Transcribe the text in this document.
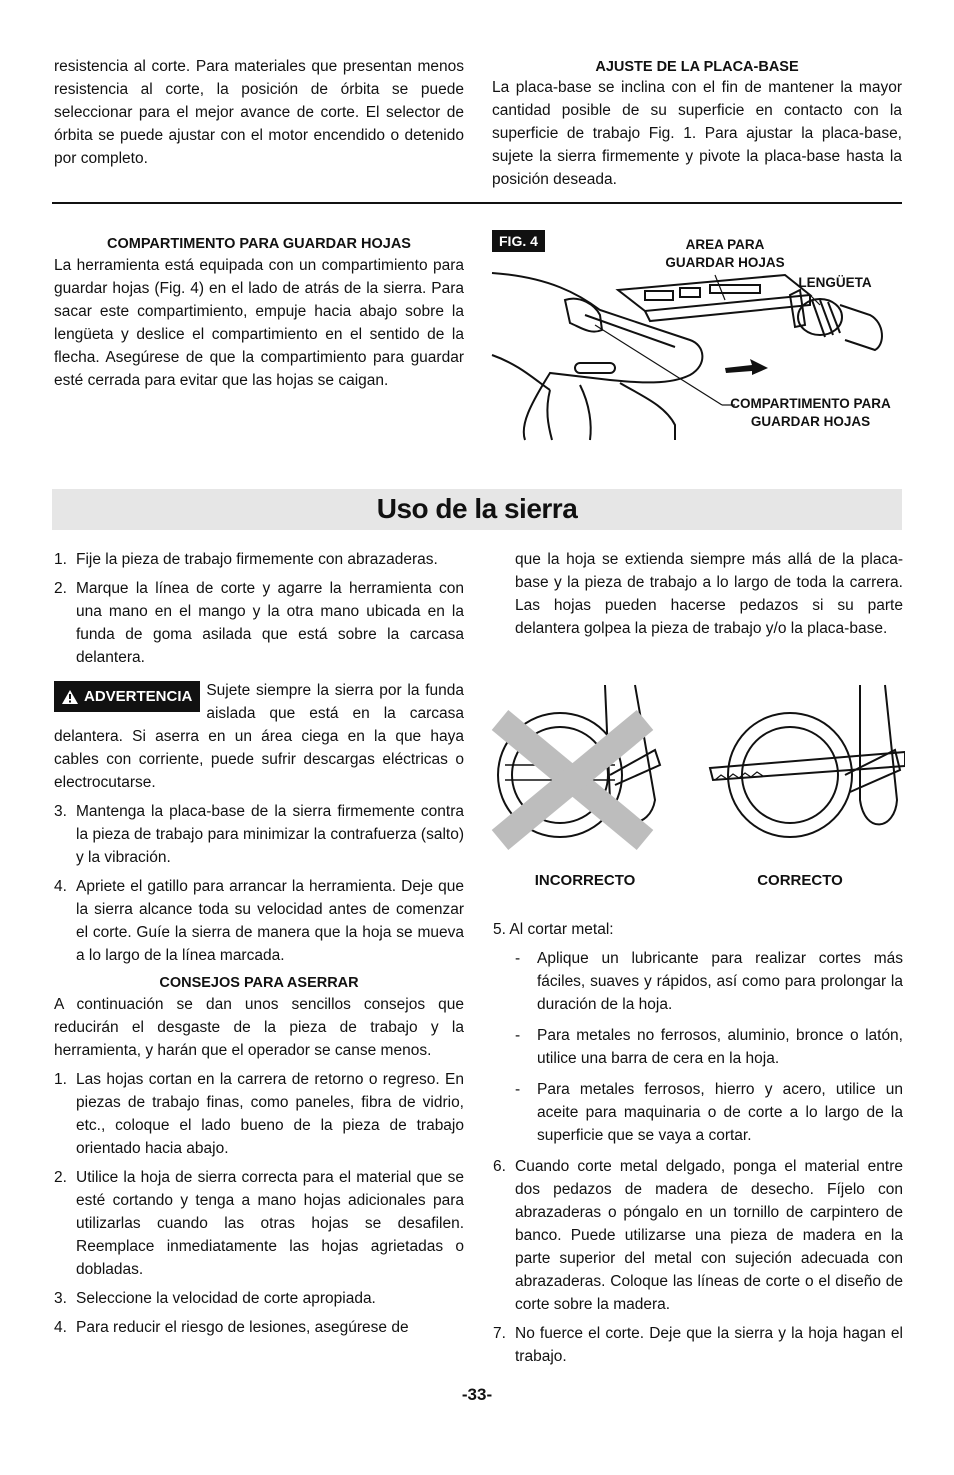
resistencia al corte. Para materiales que presentan menos resistencia al corte, la posición de órbita se puede seleccionar para el mejor avance de corte. El selector de órbita se puede ajustar con el motor encendido o detenido por completo.

AJUSTE DE LA PLACA-BASE

La placa-base se inclina con el fin de mantener la mayor cantidad posible de su superficie en contacto con la superficie de trabajo Fig. 1. Para ajustar la placa-base, sujete la sierra firmemente y pivote la placa-base hasta la posición deseada.

COMPARTIMENTO PARA GUARDAR HOJAS

La herramienta está equipada con un compartimiento para guardar hojas (Fig. 4) en el lado de atrás de la sierra. Para sacar este compartimiento, empuje hacia abajo sobre la lengüeta y deslice el compartimiento en el sentido de la flecha. Asegúrese de que la compartimiento para guardar esté cerrada para evitar que las hojas se caigan.

FIG. 4	AREA PARA GUARDAR HOJAS
LENGÜETA
COMPARTIMENTO PARA GUARDAR HOJAS
Uso de la sierra
1. Fije la pieza de trabajo firmemente con abrazaderas.
2. Marque la línea de corte y agarre la herramienta con una mano en el mango y la otra mano ubicada en la funda de goma asilada que está sobre la carcasa delantera.
ADVERTENCIA Sujete siempre la sierra por la funda aislada que está en la carcasa delantera. Si aserra en un área ciega en la que haya cables con corriente, puede sufrir descargas eléctricas o electrocutarse.
3. Mantenga la placa-base de la sierra firmemente contra la pieza de trabajo para minimizar la contrafuerza (salto) y la vibración.
4. Apriete el gatillo para arrancar la herramienta. Deje que la sierra alcance toda su velocidad antes de comenzar el corte. Guíe la sierra de manera que la hoja se mueva a lo largo de la línea marcada.

CONSEJOS PARA ASERRAR

A continuación se dan unos sencillos consejos que reducirán el desgaste de la pieza de trabajo y la herramienta, y harán que el operador se canse menos.

1. Las hojas cortan en la carrera de retorno o regreso. En piezas de trabajo finas, como paneles, fibra de vidrio, etc., coloque el lado bueno de la pieza de trabajo orientado hacia abajo.
2. Utilice la hoja de sierra correcta para el material que se esté cortando y tenga a mano hojas adicionales para utilizarlas cuando las otras hojas se desafilen. Reemplace inmediatamente las hojas agrietadas o dobladas.
3. Seleccione la velocidad de corte apropiada.
4. Para reducir el riesgo de lesiones, asegúrese de

que la hoja se extienda siempre más allá de la placa-base y la pieza de trabajo a lo largo de toda la carrera. Las hojas pueden hacerse pedazos si su parte delantera golpea la pieza de trabajo y/o la placa-base.

INCORRECTO	CORRECTO

5. Al cortar metal:

- Aplique un lubricante para realizar cortes más fáciles, suaves y rápidos, así como para prolongar la duración de la hoja.
- Para metales no ferrosos, aluminio, bronce o latón, utilice una barra de cera en la hoja.
- Para metales ferrosos, hierro y acero, utilice un aceite para maquinaria o de corte a lo largo de la superficie que se vaya a cortar.
6. Cuando corte metal delgado, ponga el material entre dos pedazos de madera de desecho. Fíjelo con abrazaderas o póngalo en un tornillo de carpintero de banco. Puede utilizarse una pieza de madera en la parte superior del metal con sujeción adecuada con abrazaderas. Coloque las líneas de corte o el diseño de corte sobre la madera.
7. No fuerce el corte. Deje que la sierra y la hoja hagan el trabajo.
-33-
